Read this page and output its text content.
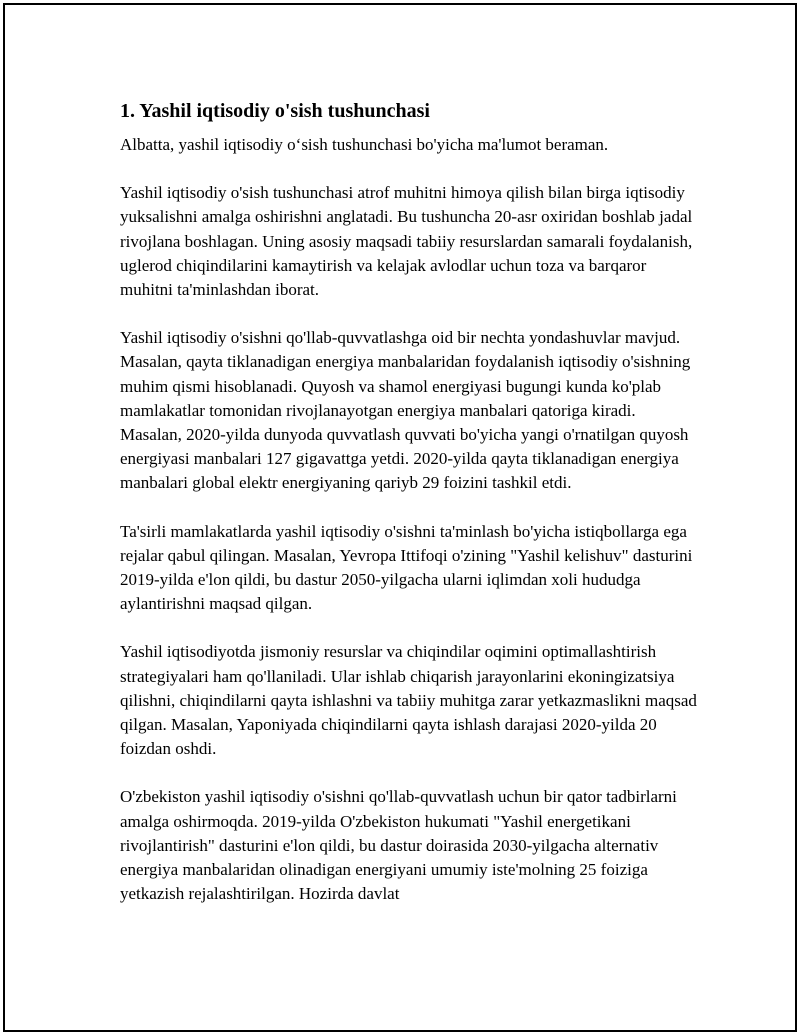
1. Yashil iqtisodiy o'sish tushunchasi

Albatta, yashil iqtisodiy o‘sish tushunchasi bo'yicha ma'lumot beraman.

Yashil iqtisodiy o'sish tushunchasi atrof muhitni himoya qilish bilan birga iqtisodiy yuksalishni amalga oshirishni anglatadi. Bu tushuncha 20-asr oxiridan boshlab jadal rivojlana boshlagan. Uning asosiy maqsadi tabiiy resurslardan samarali foydalanish, uglerod chiqindilarini kamaytirish va kelajak avlodlar uchun toza va barqaror muhitni ta'minlashdan iborat.

Yashil iqtisodiy o'sishni qo'llab-quvvatlashga oid bir nechta yondashuvlar mavjud. Masalan, qayta tiklanadigan energiya manbalaridan foydalanish iqtisodiy o'sishning muhim qismi hisoblanadi. Quyosh va shamol energiyasi bugungi kunda ko'plab mamlakatlar tomonidan rivojlanayotgan energiya manbalari qatoriga kiradi. Masalan, 2020-yilda dunyoda quvvatlash quvvati bo'yicha yangi o'rnatilgan quyosh energiyasi manbalari 127 gigavattga yetdi. 2020-yilda qayta tiklanadigan energiya manbalari global elektr energiyaning qariyb 29 foizini tashkil etdi.

Ta'sirli mamlakatlarda yashil iqtisodiy o'sishni ta'minlash bo'yicha istiqbollarga ega rejalar qabul qilingan. Masalan, Yevropa Ittifoqi o'zining "Yashil kelishuv" dasturini 2019-yilda e'lon qildi, bu dastur 2050-yilgacha ularni iqlimdan xoli hududga aylantirishni maqsad qilgan.

Yashil iqtisodiyotda jismoniy resurslar va chiqindilar oqimini optimallashtirish strategiyalari ham qo'llaniladi. Ular ishlab chiqarish jarayonlarini ekoningizatsiya qilishni, chiqindilarni qayta ishlashni va tabiiy muhitga zarar yetkazmaslikni maqsad qilgan. Masalan, Yaponiyada chiqindilarni qayta ishlash darajasi 2020-yilda 20 foizdan oshdi.

O'zbekiston yashil iqtisodiy o'sishni qo'llab-quvvatlash uchun bir qator tadbirlarni amalga oshirmoqda. 2019-yilda O'zbekiston hukumati "Yashil energetikani rivojlantirish" dasturini e'lon qildi, bu dastur doirasida 2030-yilgacha alternativ energiya manbalaridan olinadigan energiyani umumiy iste'molning 25 foiziga yetkazish rejalashtirilgan. Hozirda davlat
